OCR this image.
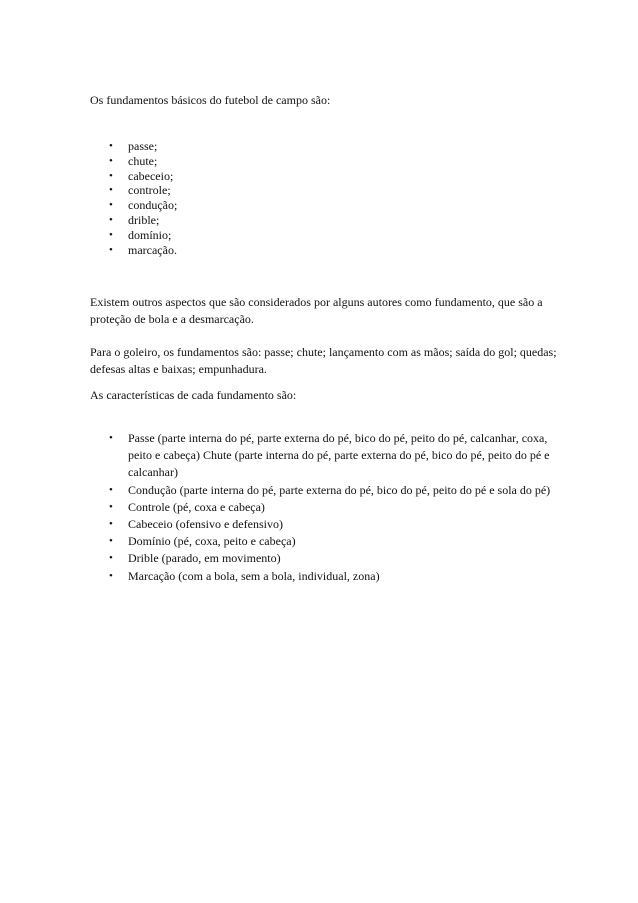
Os fundamentos básicos do futebol de campo são:

• passe;
• chute;
• cabeceio;
• controle;
• condução;
• drible;
• domínio;
• marcação.

Existem outros aspectos que são considerados por alguns autores como fundamento, que são a proteção de bola e a desmarcação.

Para o goleiro, os fundamentos são: passe; chute; lançamento com as mãos; saída do gol; quedas; defesas altas e baixas; empunhadura.

As características de cada fundamento são:

• Passe (parte interna do pé, parte externa do pé, bico do pé, peito do pé, calcanhar, coxa, peito e cabeça) Chute (parte interna do pé, parte externa do pé, bico do pé, peito do pé e calcanhar)
• Condução (parte interna do pé, parte externa do pé, bico do pé, peito do pé e sola do pé)
• Controle (pé, coxa e cabeça)
• Cabeceio (ofensivo e defensivo)
• Domínio (pé, coxa, peito e cabeça)
• Drible (parado, em movimento)
• Marcação (com a bola, sem a bola, individual, zona)
